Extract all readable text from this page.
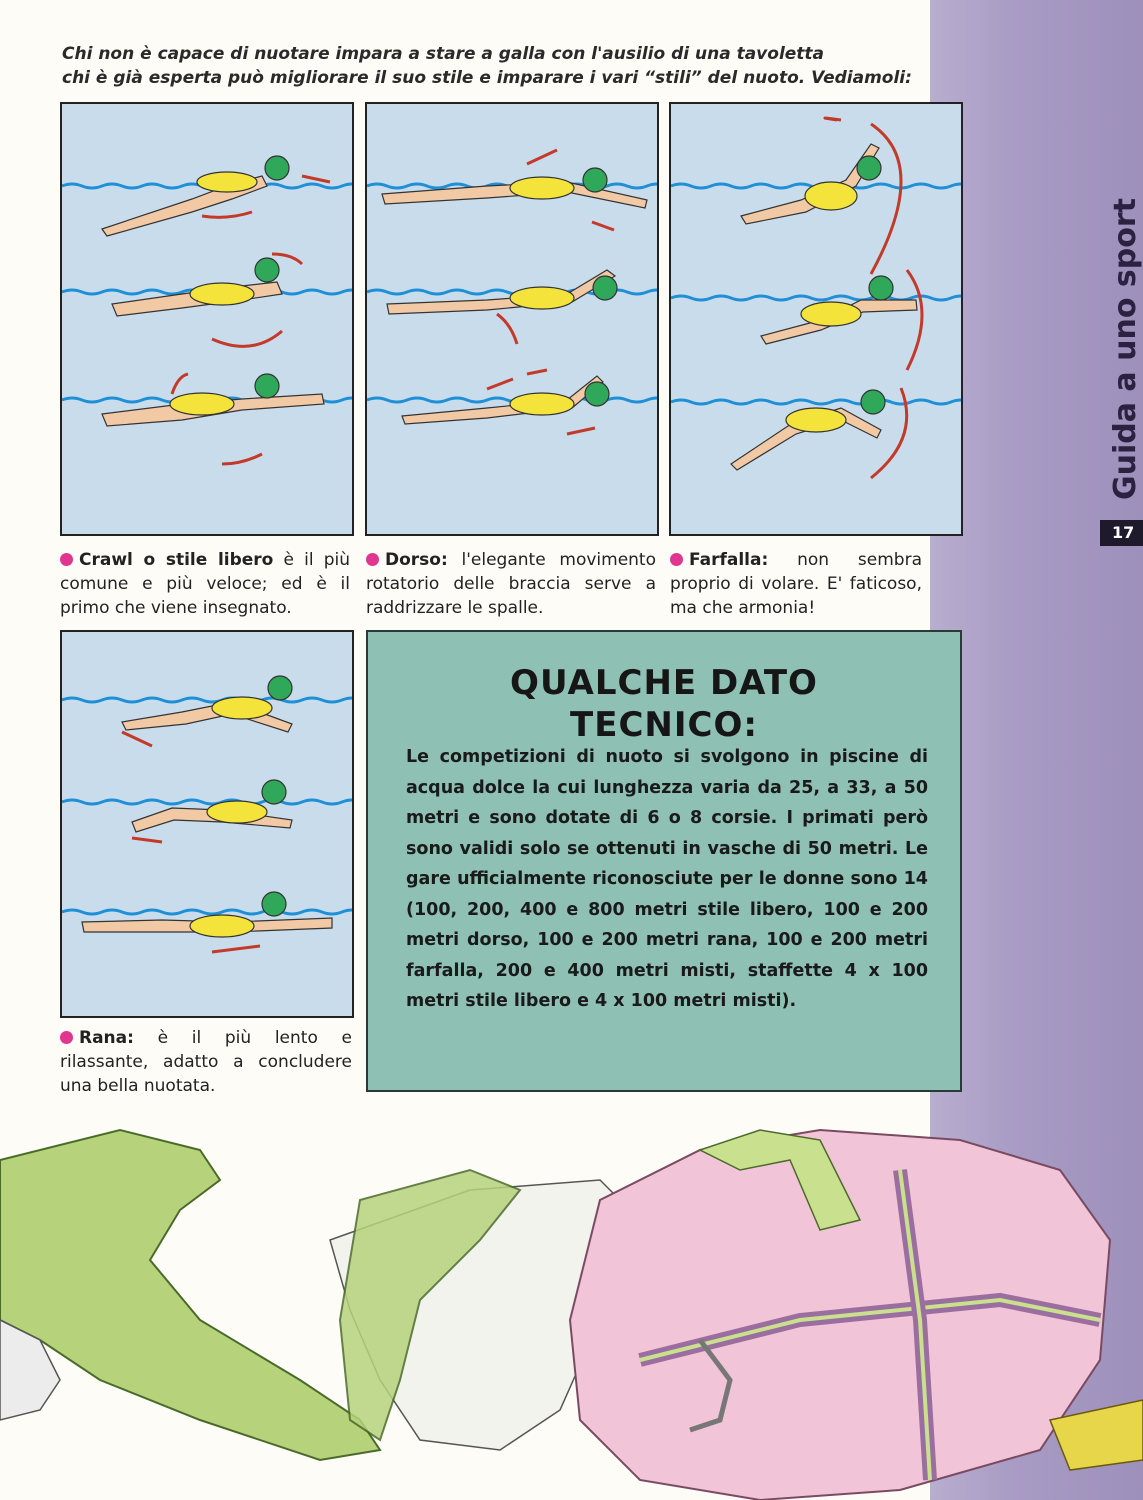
Guida a uno sport
17
Chi non è capace di nuotare impara a stare a galla con l'ausilio di una tavoletta
chi è già esperta può migliorare il suo stile e imparare i vari “stili” del nuoto. Vediamoli:
Crawl o stile libero è il più comune e più veloce; ed è il primo che viene insegnato.
Dorso: l'elegante movimento rotatorio delle braccia serve a raddrizzare le spalle.
Farfalla: non sembra proprio di volare. E' faticoso, ma che armonia!
Rana: è il più lento e rilassante, adatto a concludere una bella nuotata.
QUALCHE DATO
TECNICO:
Le competizioni di nuoto si svolgono in piscine di acqua dolce la cui lunghezza varia da 25, a 33, a 50 metri e sono dotate di 6 o 8 corsie. I primati però sono validi solo se ottenuti in vasche di 50 metri. Le gare ufficialmente riconosciute per le donne sono 14 (100, 200, 400 e 800 metri stile libero, 100 e 200 metri dorso, 100 e 200 metri rana, 100 e 200 metri farfalla, 200 e 400 metri misti, staffette 4 x 100 metri stile libero e 4 x 100 metri misti).
